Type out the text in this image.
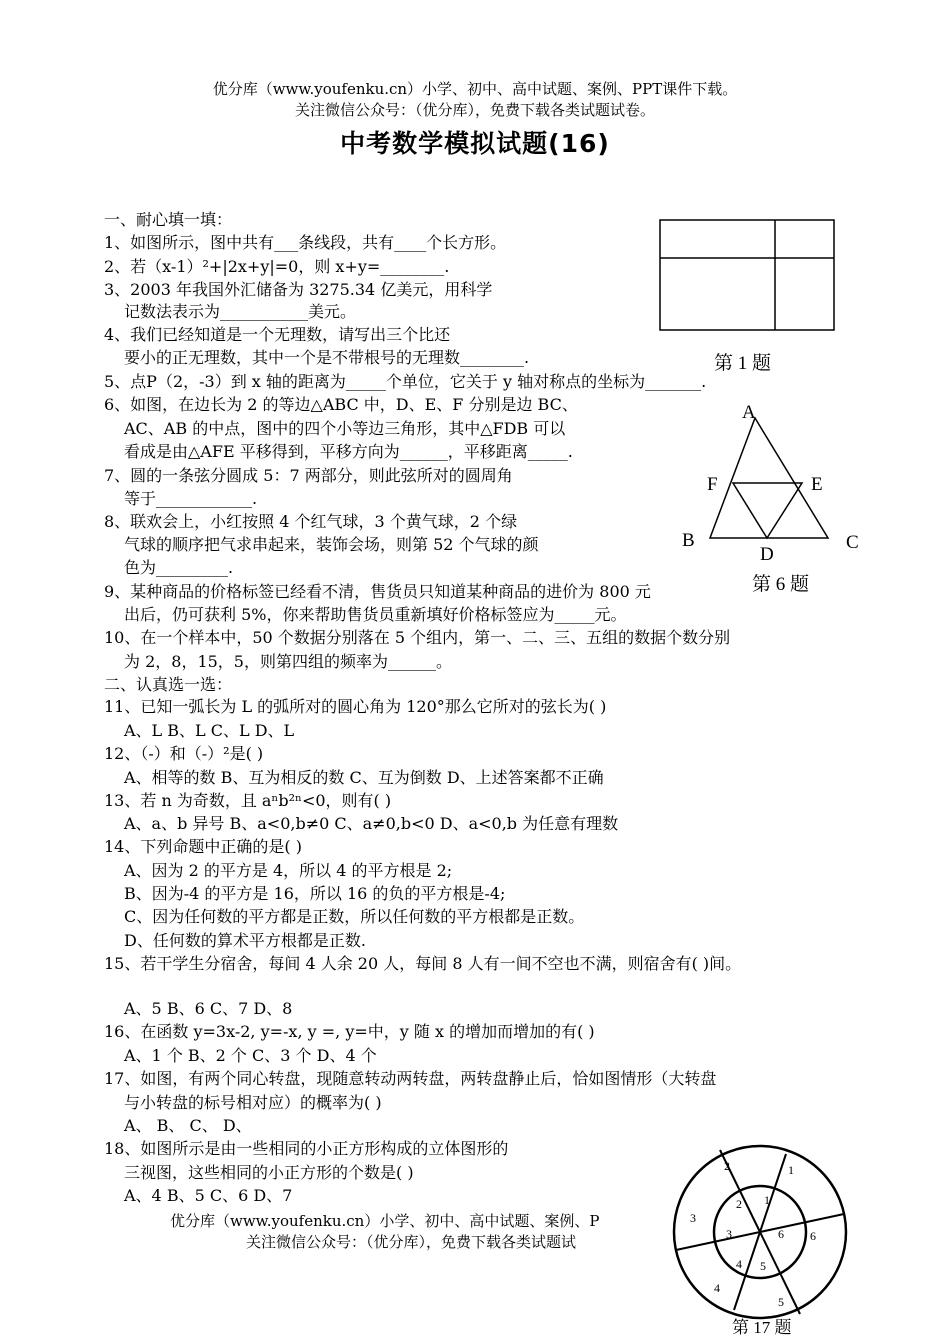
优分库（www.youfenku.cn）小学、初中、高中试题、案例、PPT课件下载。
关注微信公众号：（优分库），免费下载各类试题试卷。
中考数学模拟试题(16)
一、耐心填一填：
1、如图所示，图中共有___条线段，共有____个长方形。
2、若（x-1）²+|2x+y|=0，则 x+y=________.
3、2003 年我国外汇储备为 3275.34 亿美元，用科学
记数法表示为___________美元。
4、我们已经知道是一个无理数，请写出三个比还
要小的正无理数，其中一个是不带根号的无理数________.
5、点P（2，-3）到 x 轴的距离为_____个单位，它关于 y 轴对称点的坐标为_______.
6、如图，在边长为 2 的等边△ABC 中，D、E、F 分别是边 BC、
AC、AB 的中点，图中的四个小等边三角形，其中△FDB 可以
看成是由△AFE 平移得到，平移方向为______，平移距离_____.
7、圆的一条弦分圆成 5：7 两部分，则此弦所对的圆周角
等于____________.
8、联欢会上，小红按照 4 个红气球，3 个黄气球，2 个绿
气球的顺序把气求串起来，装饰会场，则第 52 个气球的颜
色为_________.
9、某种商品的价格标签已经看不清，售货员只知道某种商品的进价为 800 元
出后，仍可获利 5%，你来帮助售货员重新填好价格标签应为_____元。
10、在一个样本中，50 个数据分别落在 5 个组内，第一、二、三、五组的数据个数分别
为 2，8，15，5，则第四组的频率为______。
二、认真选一选：
11、已知一弧长为 L 的弧所对的圆心角为 120°那么它所对的弦长为( )
A、L B、L C、L D、L
12、（-）和（-）²是( )
A、相等的数 B、互为相反的数 C、互为倒数 D、上述答案都不正确
13、若 n 为奇数，且 aⁿb²ⁿ<0，则有( )
A、a、b 异号 B、a<0,b≠0 C、a≠0,b<0 D、a<0,b 为任意有理数
14、下列命题中正确的是( )
A、因为 2 的平方是 4，所以 4 的平方根是 2;
B、因为-4 的平方是 16，所以 16 的负的平方根是-4;
C、因为任何数的平方都是正数，所以任何数的平方根都是正数。
D、任何数的算术平方根都是正数.
15、若干学生分宿舍，每间 4 人余 20 人，每间 8 人有一间不空也不满，则宿舍有( )间。
A、5 B、6 C、7 D、8
16、在函数 y=3x-2, y=-x, y =, y=中，y 随 x 的增加而增加的有( )
A、1 个 B、2 个 C、3 个 D、4 个
17、如图，有两个同心转盘，现随意转动两转盘，两转盘静止后，恰如图情形（大转盘
与小转盘的标号相对应）的概率为( )
A、 B、 C、 D、
18、如图所示是由一些相同的小正方形构成的立体图形的
三视图，这些相同的小正方形的个数是( )
A、4 B、5 C、6 D、7
第 1 题
A
B	C
D
E
F
第 6 题
1
2
3
4
5
6
2 1
3	6
4 5
第 17 题
优分库（www.youfenku.cn）小学、初中、高中试题、案例、P
关注微信公众号：（优分库），免费下载各类试题试
